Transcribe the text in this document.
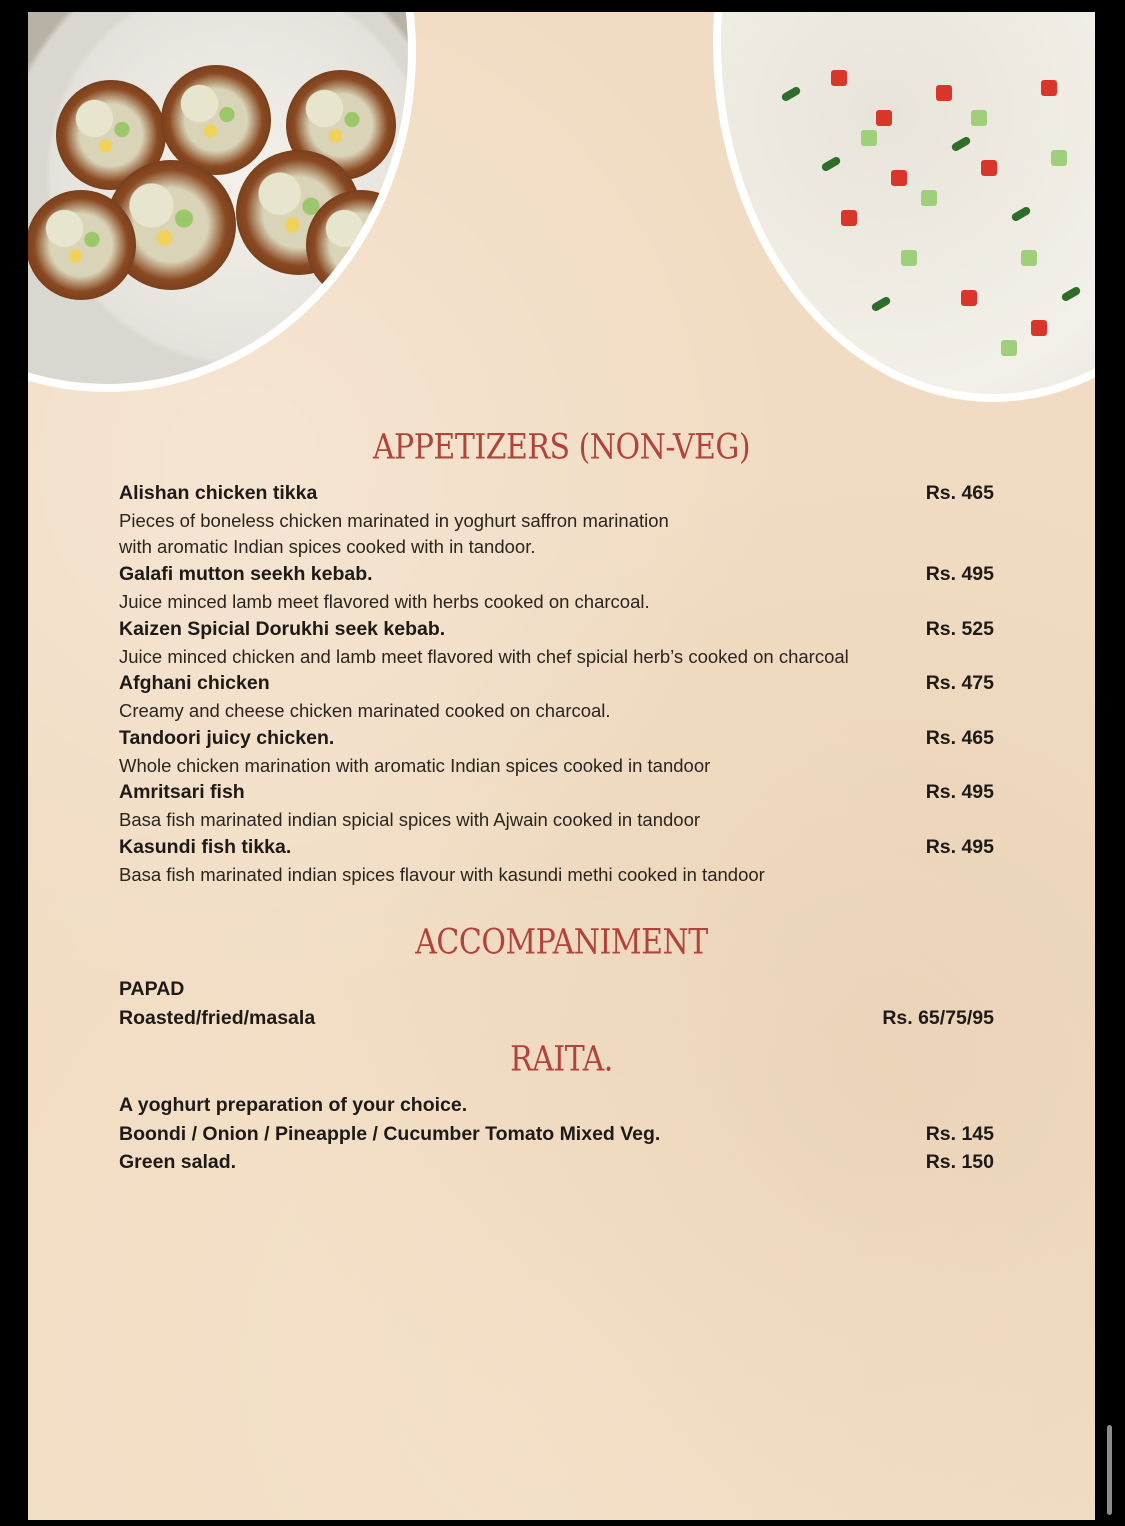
APPETIZERS (NON-VEG)
Alishan chicken tikka	Rs. 465
Pieces of boneless chicken marinated in yoghurt saffron marination
with aromatic Indian spices cooked with in tandoor.
Galafi mutton seekh kebab.	Rs. 495
Juice minced lamb meet flavored with herbs cooked on charcoal.
Kaizen Spicial Dorukhi seek kebab.	Rs. 525
Juice minced chicken and lamb meet flavored with chef spicial herb’s cooked on charcoal
Afghani chicken	Rs. 475
Creamy and cheese chicken marinated cooked on charcoal.
Tandoori juicy chicken.	Rs. 465
Whole chicken marination with aromatic Indian spices cooked in tandoor
Amritsari fish	Rs. 495
Basa fish marinated indian spicial spices with Ajwain cooked in tandoor
Kasundi fish tikka.	Rs. 495
Basa fish marinated indian spices flavour with kasundi methi cooked in tandoor
ACCOMPANIMENT
PAPAD
Roasted/fried/masala	Rs. 65/75/95
RAITA.
A yoghurt preparation of your choice.
Boondi / Onion / Pineapple / Cucumber Tomato Mixed Veg.	Rs. 145
Green salad.	Rs. 150
